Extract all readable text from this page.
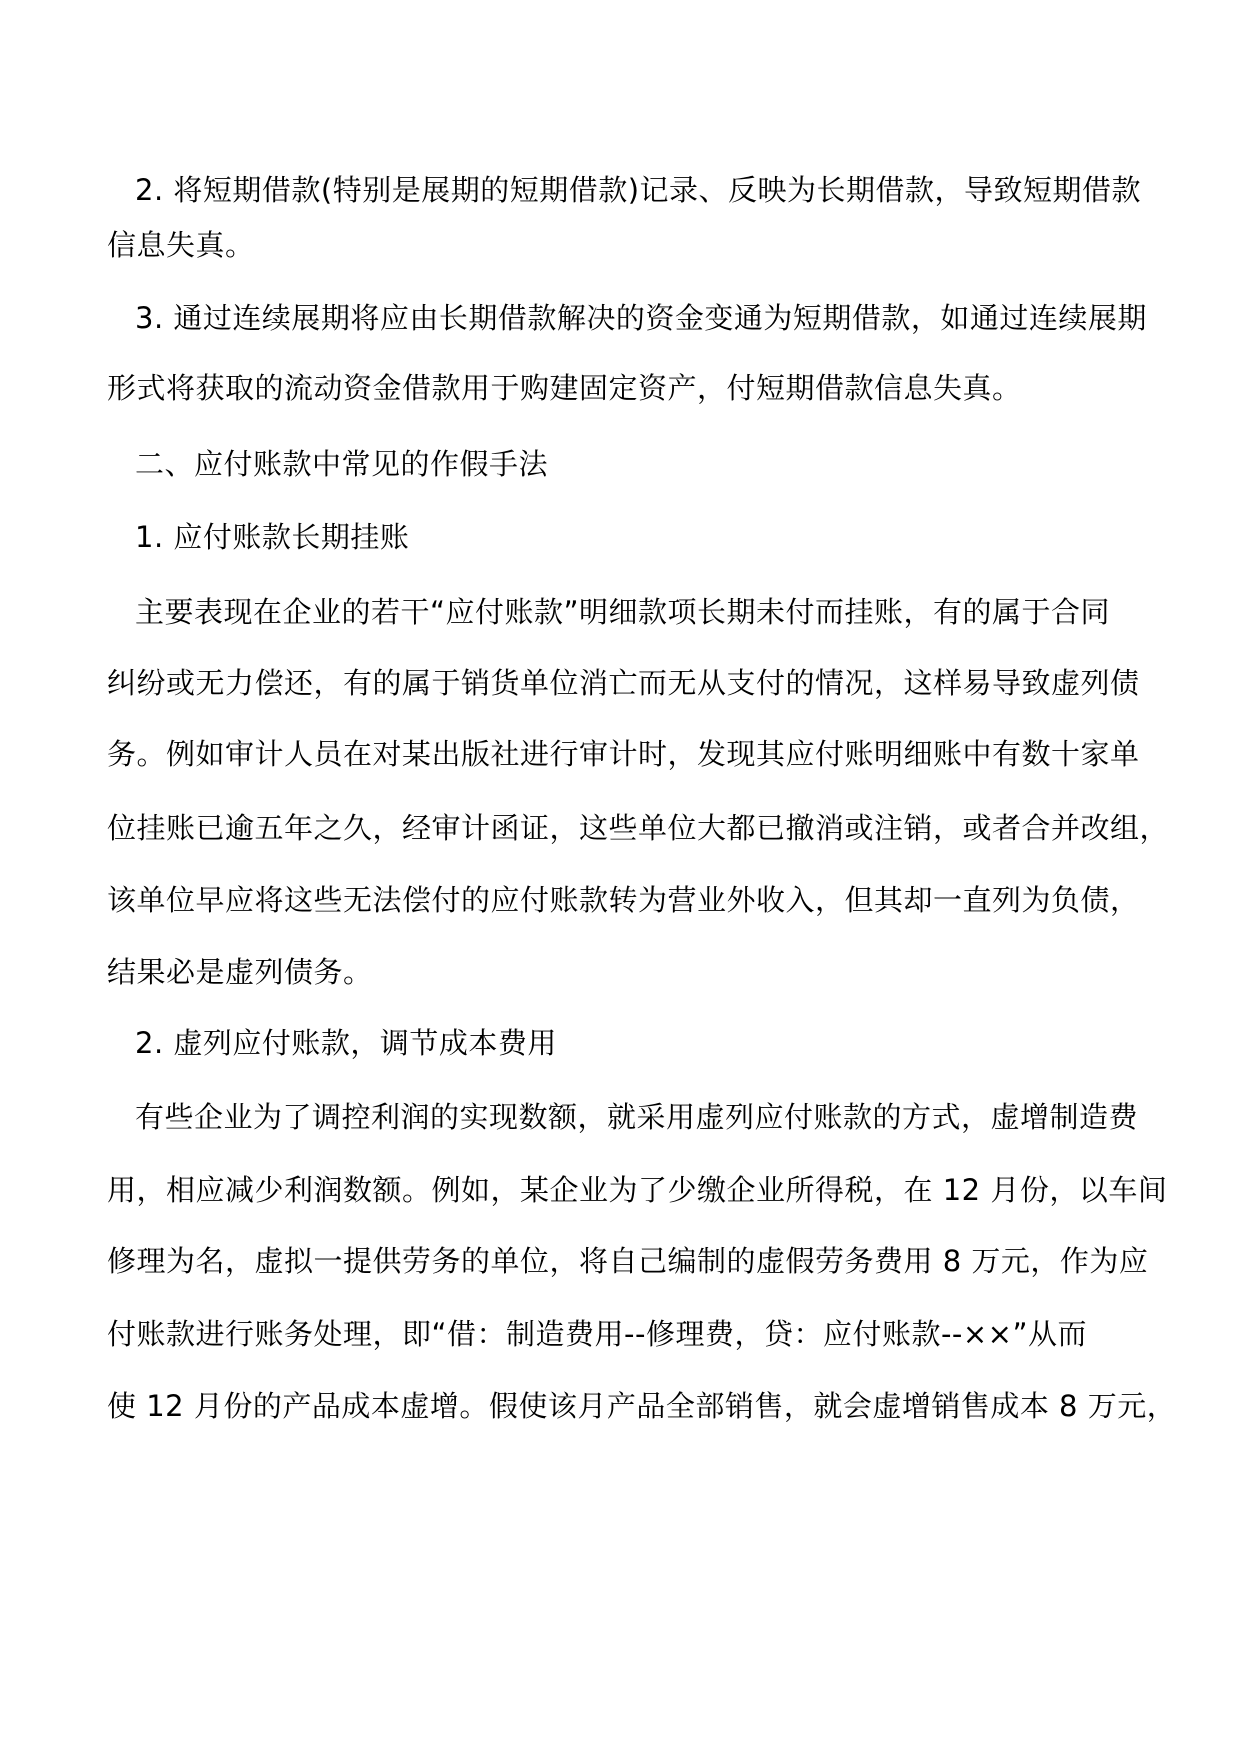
2. 将短期借款(特别是展期的短期借款)记录、反映为长期借款，导致短期借款
信息失真。
3. 通过连续展期将应由长期借款解决的资金变通为短期借款，如通过连续展期
形式将获取的流动资金借款用于购建固定资产，付短期借款信息失真。
二、应付账款中常见的作假手法
1. 应付账款长期挂账
主要表现在企业的若干“应付账款”明细款项长期未付而挂账，有的属于合同
纠纷或无力偿还，有的属于销货单位消亡而无从支付的情况，这样易导致虚列债
务。例如审计人员在对某出版社进行审计时，发现其应付账明细账中有数十家单
位挂账已逾五年之久，经审计函证，这些单位大都已撤消或注销，或者合并改组，
该单位早应将这些无法偿付的应付账款转为营业外收入，但其却一直列为负债，
结果必是虚列债务。
2. 虚列应付账款，调节成本费用
有些企业为了调控利润的实现数额，就采用虚列应付账款的方式，虚增制造费
用，相应减少利润数额。例如，某企业为了少缴企业所得税，在 12 月份，以车间
修理为名，虚拟一提供劳务的单位，将自己编制的虚假劳务费用 8 万元，作为应
付账款进行账务处理，即“借：制造费用--修理费，贷：应付账款--××”从而
使 12 月份的产品成本虚增。假使该月产品全部销售，就会虚增销售成本 8 万元，
